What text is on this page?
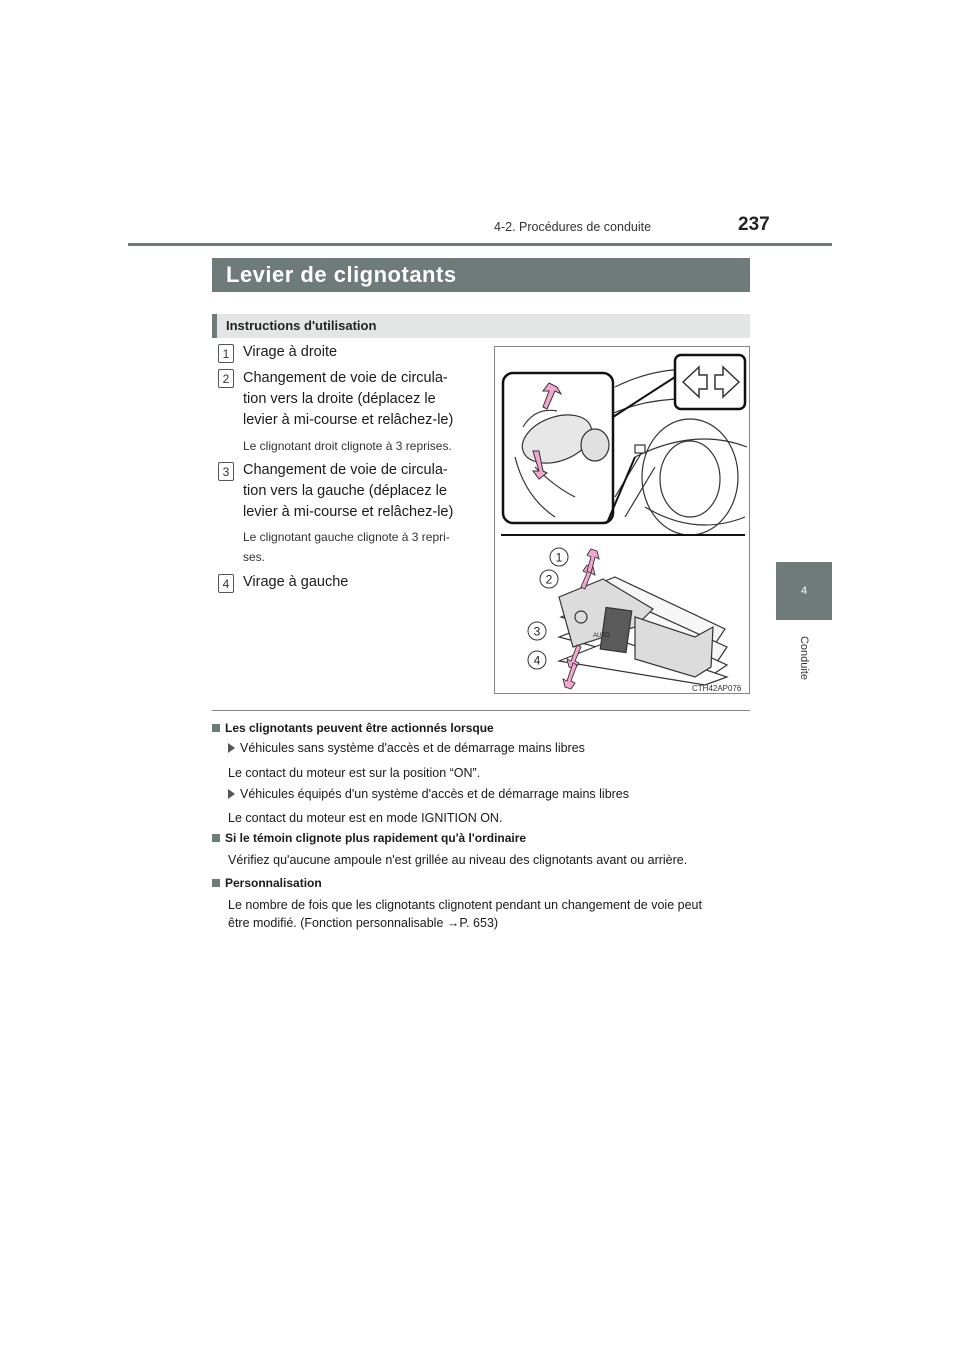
4-2. Procédures de conduite	237
4
Conduite
Levier de clignotants
Instructions d'utilisation
1 Virage à droite
2 Changement de voie de circula-
tion vers la droite (déplacez le
levier à mi-course et relâchez-le)
Le clignotant droit clignote à 3 reprises.
3 Changement de voie de circula-
tion vers la gauche (déplacez le
levier à mi-course et relâchez-le)
Le clignotant gauche clignote à 3 repri-
ses.
4 Virage à gauche
AUTO
1
2
3
4
CTH42AP076
Les clignotants peuvent être actionnés lorsque
Véhicules sans système d'accès et de démarrage mains libres
Le contact du moteur est sur la position “ON”.
Véhicules équipés d'un système d'accès et de démarrage mains libres
Le contact du moteur est en mode IGNITION ON.
Si le témoin clignote plus rapidement qu'à l'ordinaire
Vérifiez qu'aucune ampoule n'est grillée au niveau des clignotants avant ou arrière.
Personnalisation
Le nombre de fois que les clignotants clignotent pendant un changement de voie peut
être modifié. (Fonction personnalisable →P. 653)
